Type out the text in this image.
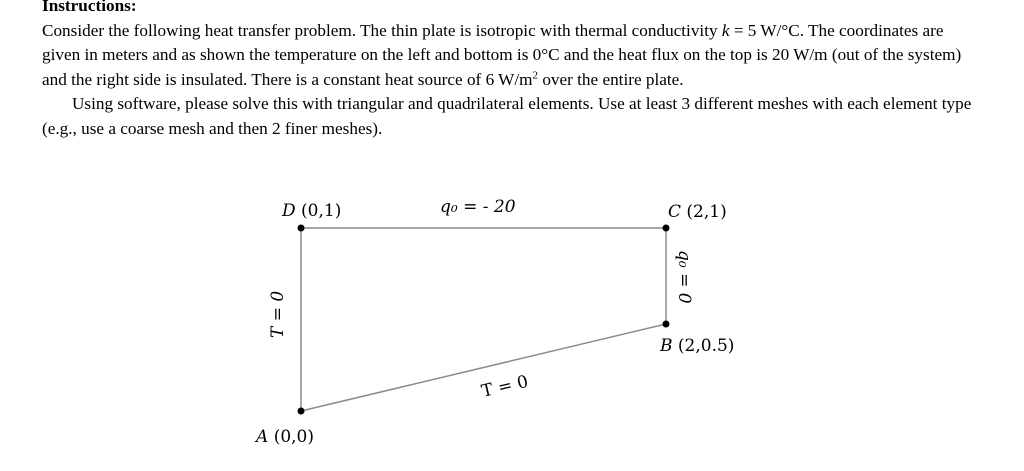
Instructions:

Consider the following heat transfer problem. The thin plate is isotropic with thermal conductivity k = 5 W/°C. The coordinates are given in meters and as shown the temperature on the left and bottom is 0°C and the heat flux on the top is 20 W/m (out of the system) and the right side is insulated. There is a constant heat source of 6 $W/m^2$ over the entire plate.

Using software, please solve this with triangular and quadrilateral elements. Use at least 3 different meshes with each element type (e.g., use a coarse mesh and then 2 finer meshes).

D (0,1)	C (2,1)
B (2,0.5)
A (0,0)
q₀ = - 20
T = 0
q₀ = 0
T = 0
